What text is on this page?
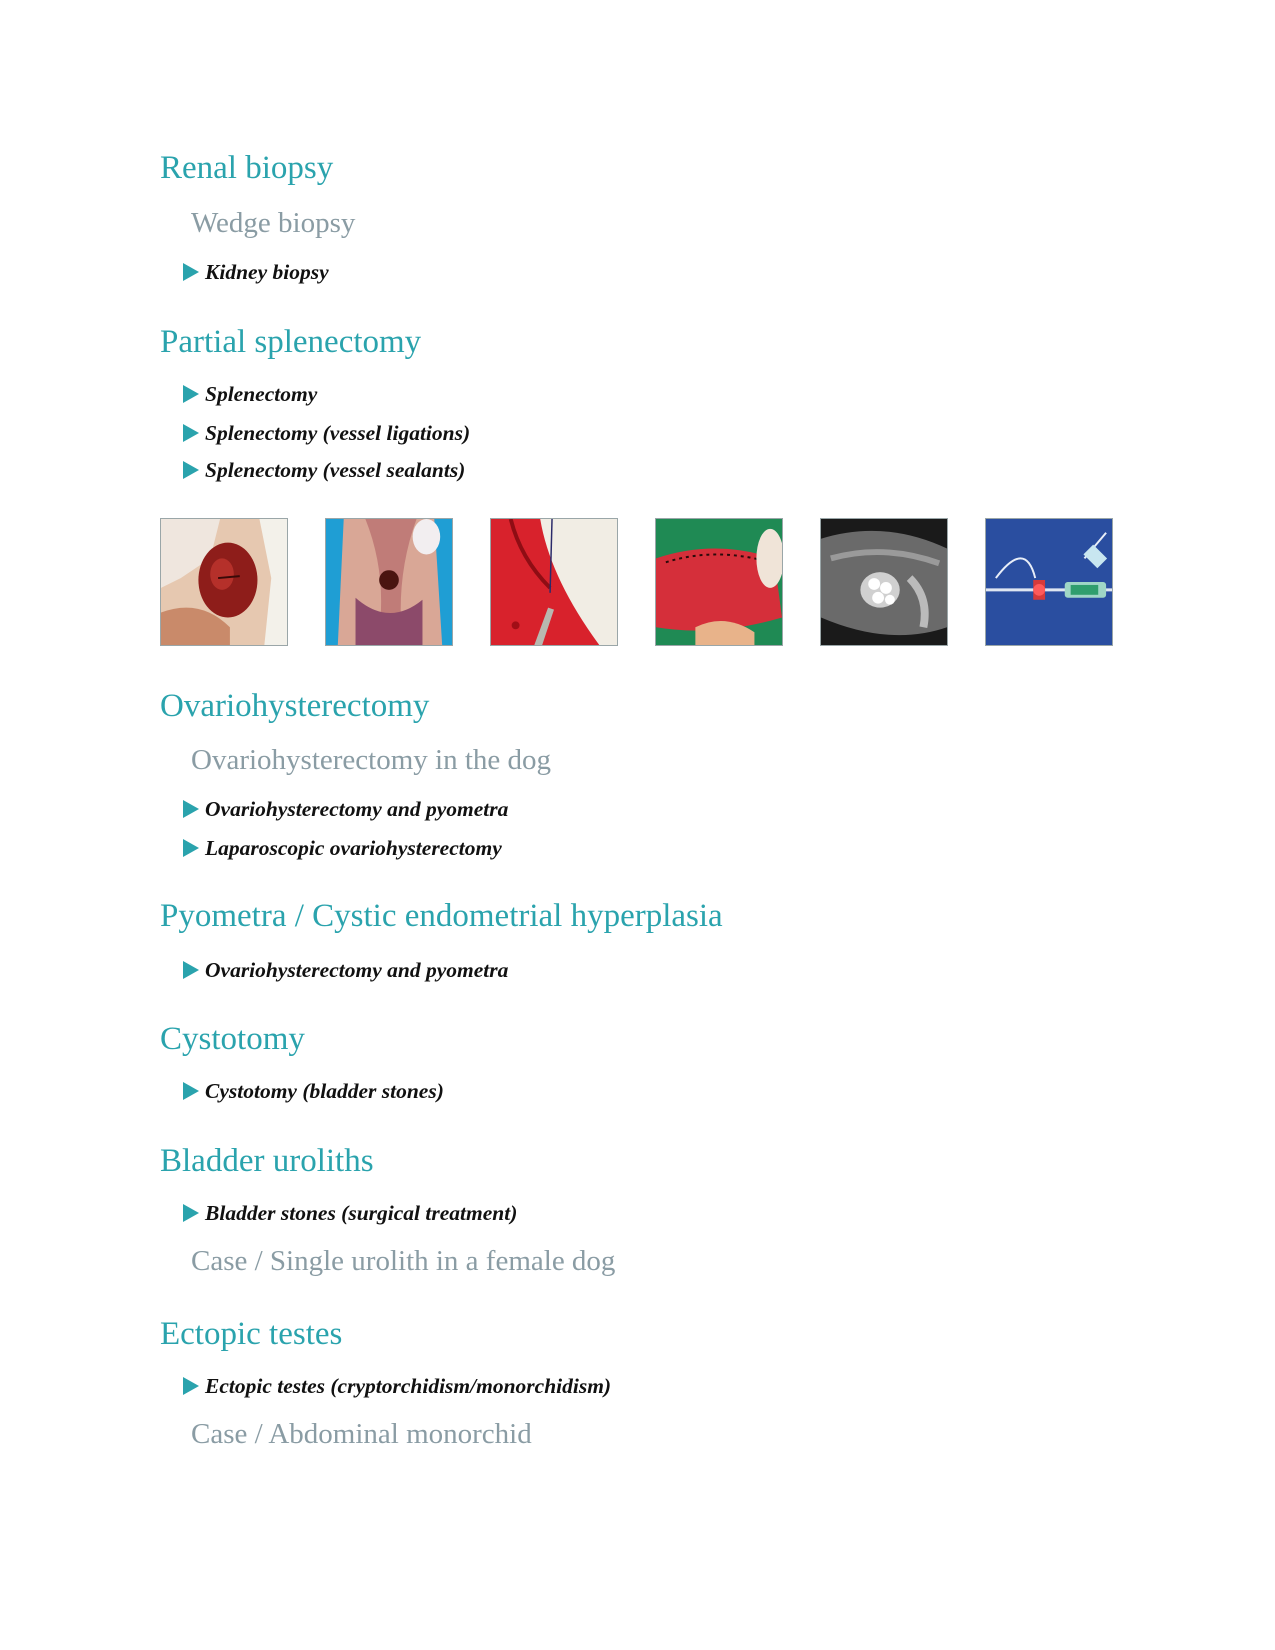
Renal biopsy
Wedge biopsy
Kidney biopsy
Partial splenectomy
Splenectomy
Splenectomy (vessel ligations)
Splenectomy (vessel sealants)
Ovariohysterectomy
Ovariohysterectomy in the dog
Ovariohysterectomy and pyometra
Laparoscopic ovariohysterectomy
Pyometra / Cystic endometrial hyperplasia
Ovariohysterectomy and pyometra
Cystotomy
Cystotomy (bladder stones)
Bladder uroliths
Bladder stones (surgical treatment)
Case / Single urolith in a female dog
Ectopic testes
Ectopic testes (cryptorchidism/monorchidism)
Case / Abdominal monorchid
